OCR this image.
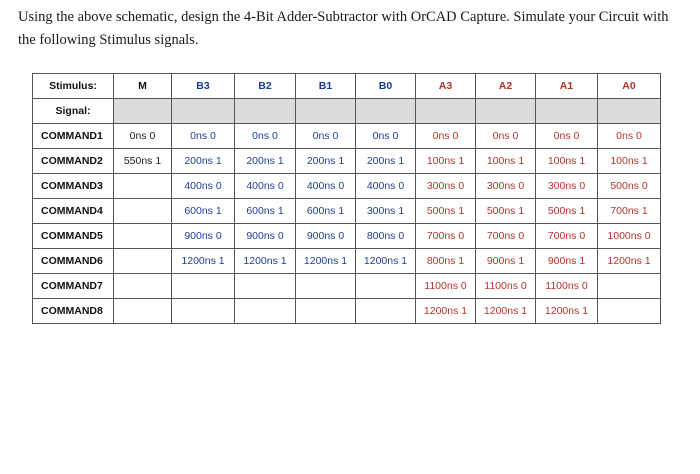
Using the above schematic, design the 4-Bit Adder-Subtractor with OrCAD Capture. Simulate your Circuit with
the following Stimulus signals.
Stimulus:	M	B3	B2	B1	B0	A3	A2	A1	A0
Signal:									
COMMAND1	0ns 0	0ns 0	0ns 0	0ns 0	0ns 0	0ns 0	0ns 0	0ns 0	0ns 0
COMMAND2	550ns 1	200ns 1	200ns 1	200ns 1	200ns 1	100ns 1	100ns 1	100ns 1	100ns 1
COMMAND3		400ns 0	400ns 0	400ns 0	400ns 0	300ns 0	300ns 0	300ns 0	500ns 0
COMMAND4		600ns 1	600ns 1	600ns 1	300ns 1	500ns 1	500ns 1	500ns 1	700ns 1
COMMAND5		900ns 0	900ns 0	900ns 0	800ns 0	700ns 0	700ns 0	700ns 0	1000ns 0
COMMAND6		1200ns 1	1200ns 1	1200ns 1	1200ns 1	800ns 1	900ns 1	900ns 1	1200ns 1
COMMAND7						1100ns 0	1100ns 0	1100ns 0	
COMMAND8						1200ns 1	1200ns 1	1200ns 1	
